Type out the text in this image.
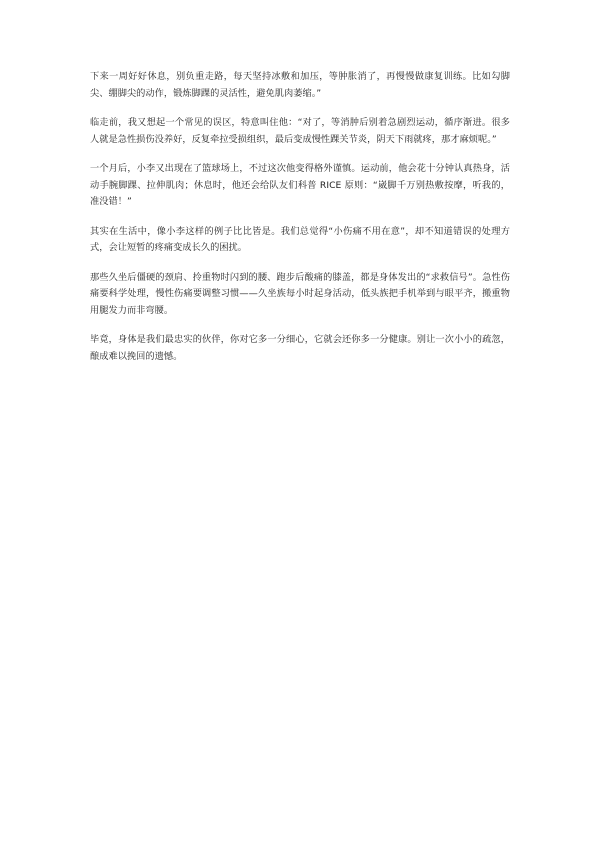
下来一周好好休息，别负重走路，每天坚持冰敷和加压，等肿胀消了，再慢慢做康复训练。比如勾脚尖、绷脚尖的动作，锻炼脚踝的灵活性，避免肌肉萎缩。”

临走前，我又想起一个常见的误区，特意叫住他：“对了，等消肿后别着急剧烈运动，循序渐进。很多人就是急性损伤没养好，反复牵拉受损组织，最后变成慢性踝关节炎，阴天下雨就疼，那才麻烦呢。”

一个月后，小李又出现在了篮球场上，不过这次他变得格外谨慎。运动前，他会花十分钟认真热身，活动手腕脚踝、拉伸肌肉；休息时，他还会给队友们科普 RICE 原则：“崴脚千万别热敷按摩，听我的，准没错！”

其实在生活中，像小李这样的例子比比皆是。我们总觉得“小伤痛不用在意”，却不知道错误的处理方式，会让短暂的疼痛变成长久的困扰。

那些久坐后僵硬的颈肩、拎重物时闪到的腰、跑步后酸痛的膝盖，都是身体发出的“求救信号”。急性伤痛要科学处理，慢性伤痛要调整习惯——久坐族每小时起身活动，低头族把手机举到与眼平齐，搬重物用腿发力而非弯腰。

毕竟，身体是我们最忠实的伙伴，你对它多一分细心，它就会还你多一分健康。别让一次小小的疏忽，酿成难以挽回的遗憾。
